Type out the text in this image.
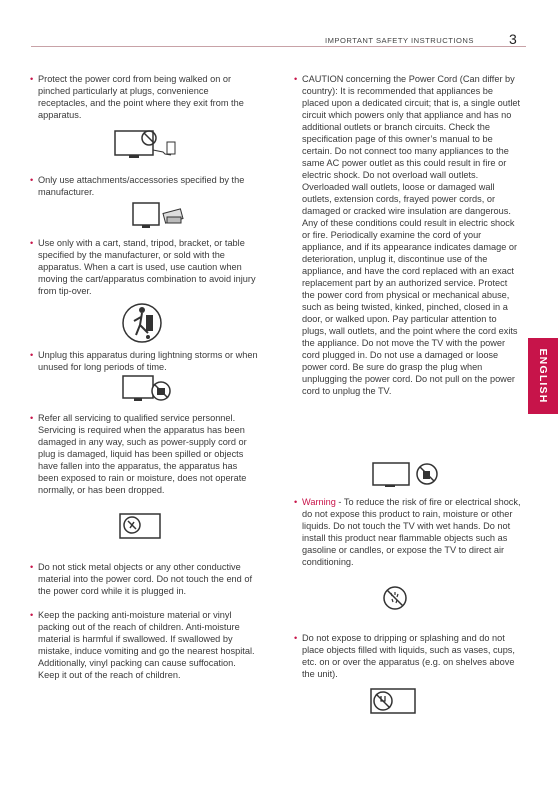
IMPORTANT SAFETY INSTRUCTIONS	3
ENGLISH
• Protect the power cord from being walked on or pinched particularly at plugs, convenience receptacles, and the point where they exit from the apparatus.
• Only use attachments/accessories specified by the manufacturer.
• Use only with a cart, stand, tripod, bracket, or table specified by the manufacturer, or sold with the apparatus. When a cart is used, use caution when moving the cart/apparatus combination to avoid injury from tip-over.
• Unplug this apparatus during lightning storms or when unused for long periods of time.
• Refer all servicing to qualified service personnel. Servicing is required when the apparatus has been damaged in any way, such as power-supply cord or plug is damaged, liquid has been spilled or objects have fallen into the apparatus, the apparatus has been exposed to rain or moisture, does not operate normally, or has been dropped.
• Do not stick metal objects or any other conductive material into the power cord. Do not touch the end of the power cord while it is plugged in.
• Keep the packing anti-moisture material or vinyl packing out of the reach of children. Anti-moisture material is harmful if swallowed. If swallowed by mistake, induce vomiting and go the nearest hospital. Additionally, vinyl packing can cause suffocation. Keep it out of the reach of children.
• CAUTION concerning the Power Cord (Can differ by country): It is recommended that appliances be placed upon a dedicated circuit; that is, a single outlet circuit which powers only that appliance and has no additional outlets or branch circuits. Check the specification page of this owner’s manual to be certain. Do not connect too many appliances to the same AC power outlet as this could result in fire or electric shock. Do not overload wall outlets. Overloaded wall outlets, loose or damaged wall outlets, extension cords, frayed power cords, or damaged or cracked wire insulation are dangerous. Any of these conditions could result in electric shock or fire. Periodically examine the cord of your appliance, and if its appearance indicates damage or deterioration, unplug it, discontinue use of the appliance, and have the cord replaced with an exact replacement part by an authorized service. Protect the power cord from physical or mechanical abuse, such as being twisted, kinked, pinched, closed in a door, or walked upon. Pay particular attention to plugs, wall outlets, and the point where the cord exits the appliance. Do not move the TV with the power cord plugged in. Do not use a damaged or loose power cord. Be sure do grasp the plug when unplugging the power cord. Do not pull on the power cord to unplug the TV.
• Warning - To reduce the risk of fire or electrical shock, do not expose this product to rain, moisture or other liquids. Do not touch the TV with wet hands. Do not install this product near flammable objects such as gasoline or candles, or expose the TV to direct air conditioning.
• Do not expose to dripping or splashing and do not place objects filled with liquids, such as vases, cups, etc. on or over the apparatus (e.g. on shelves above the unit).
